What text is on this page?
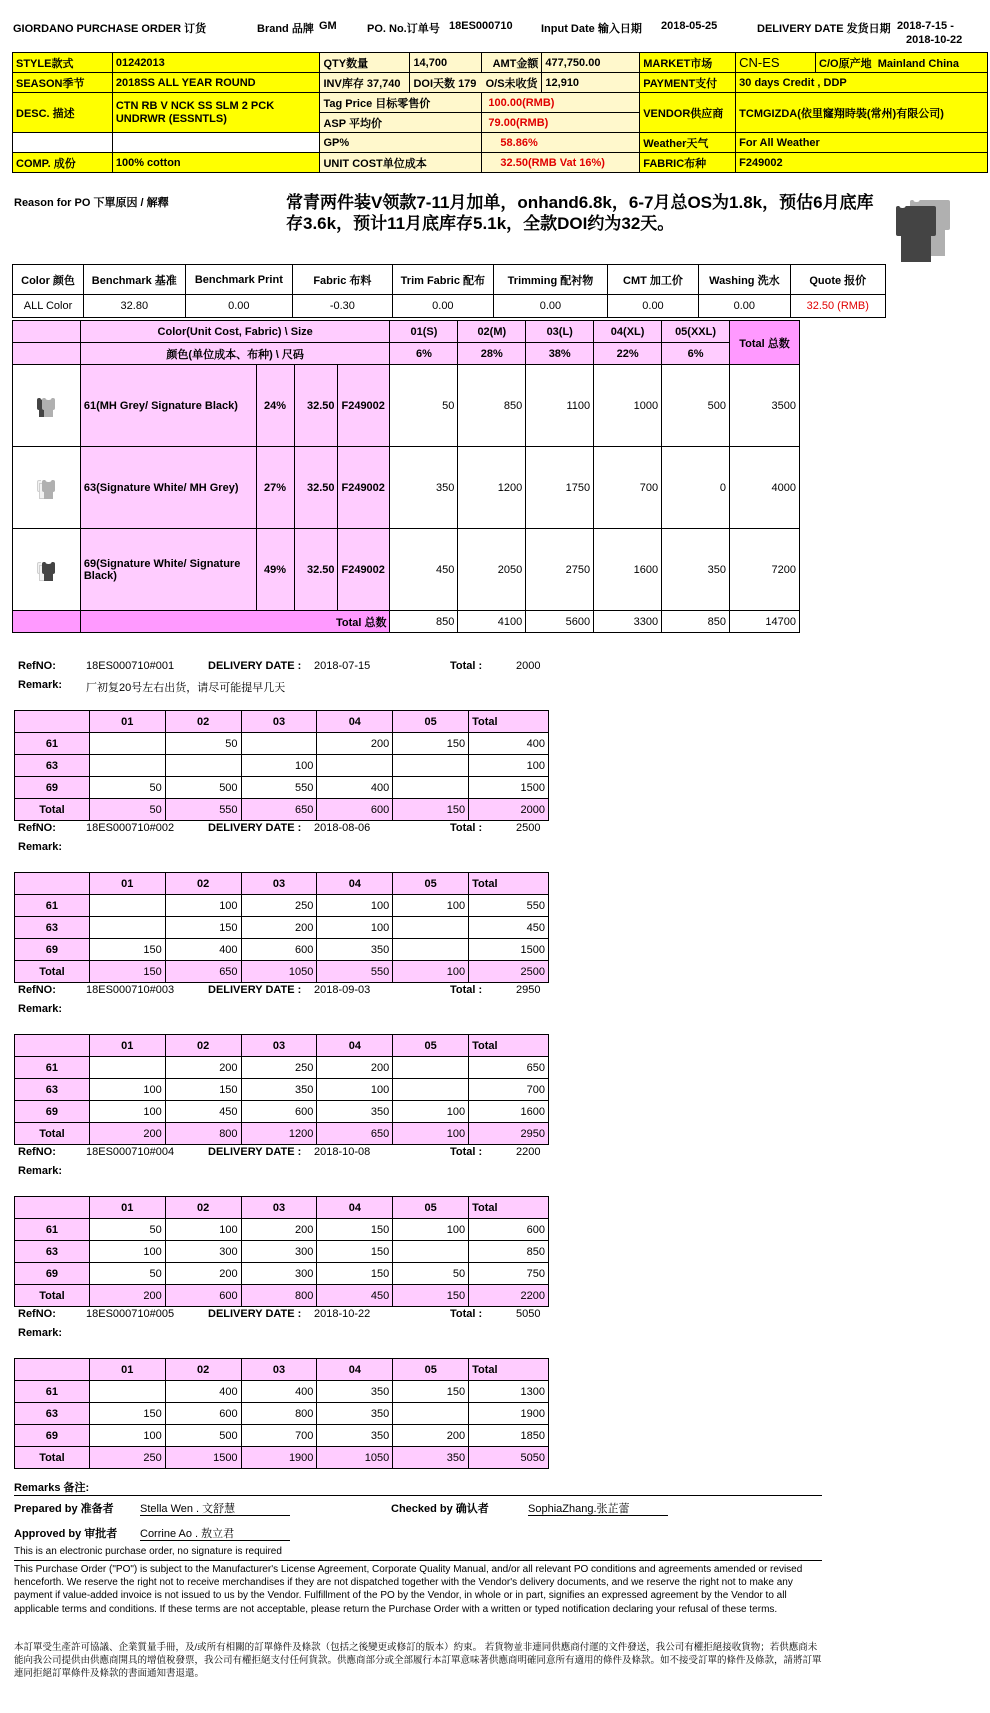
GIORDANO PURCHASE ORDER 订货	Brand 品牌 GM	PO. No.订单号 18ES000710	Input Date 输入日期 2018-05-25	DELIVERY DATE 发货日期 2018-7-15 -
2018-10-22
STYLE款式	01242013	QTY数量	14,700	AMT金额	477,750.00	MARKET市场	CN-ES	C/O原产地 Mainland China
SEASON季节	2018SS ALL YEAR ROUND	INV库存 37,740	DOI天数 179 O/S未收货		12,910	PAYMENT支付	30 days Credit , DDP	
DESC. 描述	CTN RB V NCK SS SLM 2 PCK UNDRWR (ESSNTLS)	Tag Price 目标零售价		100.00(RMB)		VENDOR供应商	TCMGIZDA(依里窿翔時裝(常州)有限公司)	
		ASP 平均价		79.00(RMB)				
		GP%		58.86%		Weather天气	For All Weather	
COMP. 成份	100% cotton	UNIT COST单位成本		32.50(RMB Vat 16%)		FABRIC布种	F249002	
Reason for PO 下單原因 / 解釋	常青两件装V领款7-11月加单，onhand6.8k，6-7月总OS为1.8k，预估6月底库存3.6k，预计11月底库存5.1k，全款DOI约为32天。
Color 颜色	Benchmark 基准	Benchmark Print	Fabric 布料	Trim Fabric 配布	Trimming 配衬物	CMT 加工价	Washing 洗水	Quote 报价
ALL Color	32.80	0.00	-0.30	0.00	0.00	0.00	0.00	32.50 (RMB)
	Color(Unit Cost, Fabric) \ Size				01(S)	02(M)	03(L)	04(XL)	05(XXL)	Total 总数
	颜色(单位成本、布种) \ 尺码				6%	28%	38%	22%	6%	

	61(MH Grey/ Signature Black)	24%	32.50	F249002	50	850	1100	1000	500	3500

	63(Signature White/ MH Grey)	27%	32.50	F249002	350	1200	1750	700	0	4000

	69(Signature White/ Signature Black)	49%	32.50	F249002	450	2050	2750	1600	350	7200
	Total 总数				850	4100	5600	3300	850	14700
RefNO:	18ES000710#001	DELIVERY DATE : 2018-07-15	Total :	2000
Remark: 厂初复20号左右出货，请尽可能提早几天
	01	02	03	04	05	Total
61		50		200	150	400
63			100			100
69	50	500	550	400		1500
Total	50	550	650	600	150	2000
RefNO:	18ES000710#002	DELIVERY DATE : 2018-08-06	Total :	2500
Remark:
	01	02	03	04	05	Total
61		100	250	100	100	550
63		150	200	100		450
69	150	400	600	350		1500
Total	150	650	1050	550	100	2500
RefNO:	18ES000710#003	DELIVERY DATE : 2018-09-03	Total :	2950
Remark:
	01	02	03	04	05	Total
61		200	250	200		650
63	100	150	350	100		700
69	100	450	600	350	100	1600
Total	200	800	1200	650	100	2950
RefNO:	18ES000710#004	DELIVERY DATE : 2018-10-08	Total :	2200
Remark:
	01	02	03	04	05	Total
61	50	100	200	150	100	600
63	100	300	300	150		850
69	50	200	300	150	50	750
Total	200	600	800	450	150	2200
RefNO:	18ES000710#005	DELIVERY DATE : 2018-10-22	Total :	5050
Remark:
	01	02	03	04	05	Total
61		400	400	350	150	1300
63	150	600	800	350		1900
69	100	500	700	350	200	1850
Total	250	1500	1900	1050	350	5050
Remarks 备注:
Prepared by 准备者 Stella Wen . 文舒慧	Checked by 确认者	SophiaZhang.张芷蕾
Approved by 审批者 Corrine Ao . 敖立君
This is an electronic purchase order, no signature is required
This Purchase Order ("PO") is subject to the Manufacturer's License Agreement, Corporate Quality Manual, and/or all relevant PO conditions and agreements amended or revised henceforth. We reserve the right not to receive merchandises if they are not dispatched together with the Vendor's delivery documents, and we reserve the right not to make any payment if value-added invoice is not issued to us by the Vendor. Fulfillment of the PO by the Vendor, in whole or in part, signifies an expressed agreement by the Vendor to all applicable terms and conditions. If these terms are not acceptable, please return the Purchase Order with a written or typed notification declaring your refusal of these terms.
本訂單受生產許可協議、企業質量手冊，及/或所有相關的訂單條件及條款（包括之後變更或修訂的版本）約束。 若貨物並非連同供應商付運的文件發送，我公司有權拒絕接收貨物；若供應商未能向我公司提供由供應商開具的增值稅發票，我公司有權拒絕支付任何貨款。供應商部分或全部履行本訂單意味著供應商明確同意所有適用的條件及條款。如不接受訂單的條件及條款，請將訂單連同拒絕訂單條件及條款的書面通知書退還。
